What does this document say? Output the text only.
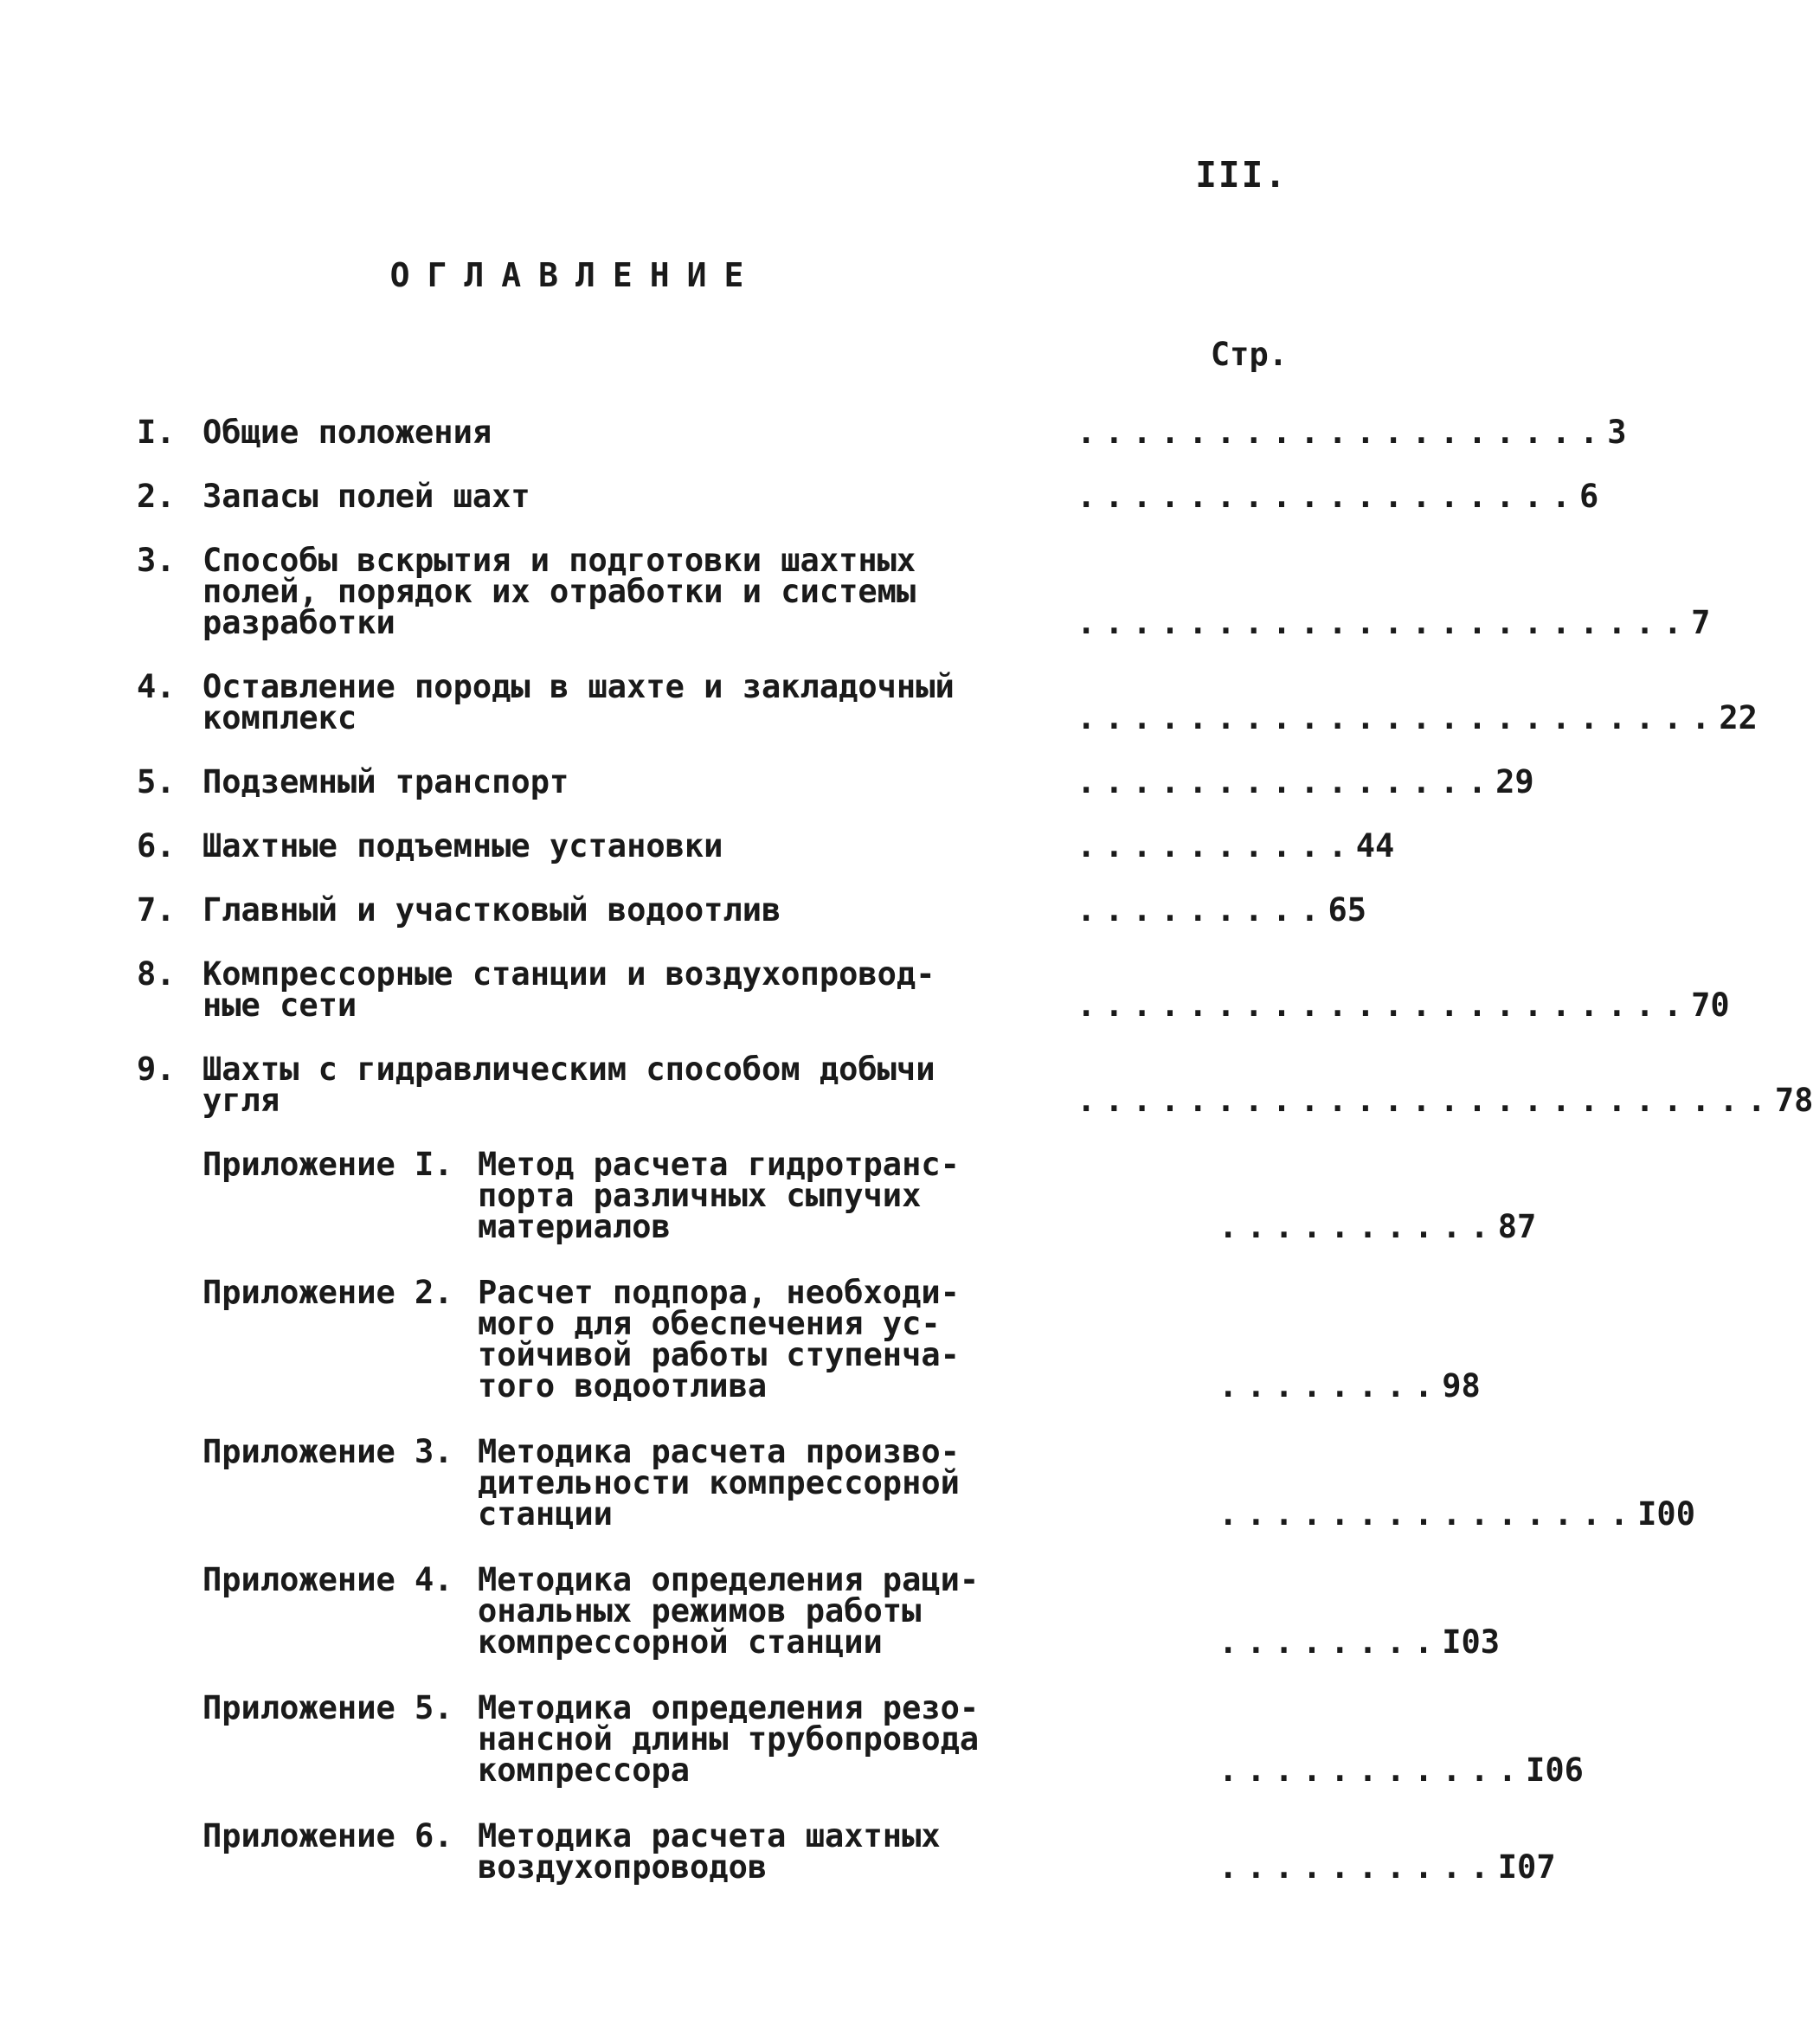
III.
ОГЛАВЛЕНИЕ
Стр.
I. Общие положения	................... 3
2. Запасы полей шахт	.................. 6
3. Способы вскрытия и подготовки шахтных
полей, порядок их отработки и системы
разработки	...................... 7
4. Оставление породы в шахте и закладочный
комплекс	....................... 22
5. Подземный транспорт	............... 29
6. Шахтные подъемные установки	.......... 44
7. Главный и участковый водоотлив	......... 65
8. Компрессорные станции и воздухопровод-
ные сети	...................... 70
9. Шахты с гидравлическим способом добычи
угля	......................... 78
Приложение I. Метод расчета гидротранс-
порта различных сыпучих
материалов	.......... 87
Приложение 2. Расчет подпора, необходи-
мого для обеспечения ус-
тойчивой работы ступенча-
того водоотлива	........ 98
Приложение 3. Методика расчета произво-
дительности компрессорной
станции	............... I00
Приложение 4. Методика определения раци-
ональных режимов работы
компрессорной станции	........ I03
Приложение 5. Методика определения резо-
нансной длины трубопровода
компрессора	........... I06
Приложение 6. Методика расчета шахтных
воздухопроводов	.......... I07
